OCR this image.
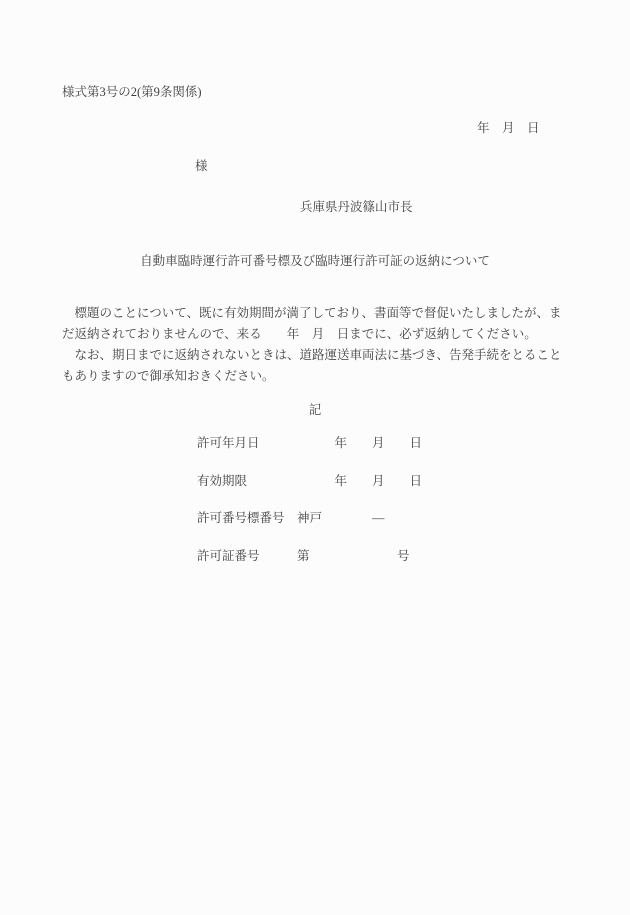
様式第3号の2(第9条関係)
年　月　日
様
兵庫県丹波篠山市長
自動車臨時運行許可番号標及び臨時運行許可証の返納について
　標題のことについて、既に有効期間が満了しており、書面等で督促いたしましたが、ま
だ返納されておりませんので、来る　　年　月　日までに、必ず返納してください。
　なお、期日までに返納されないときは、道路運送車両法に基づき、告発手続をとること
もありますので御承知おきください。
記
許可年月日　　　　　　年　　月　　日
有効期限　　　　　　　年　　月　　日
許可番号標番号　神戸　　　　―
許可証番号　　　第　　　　　　　号
